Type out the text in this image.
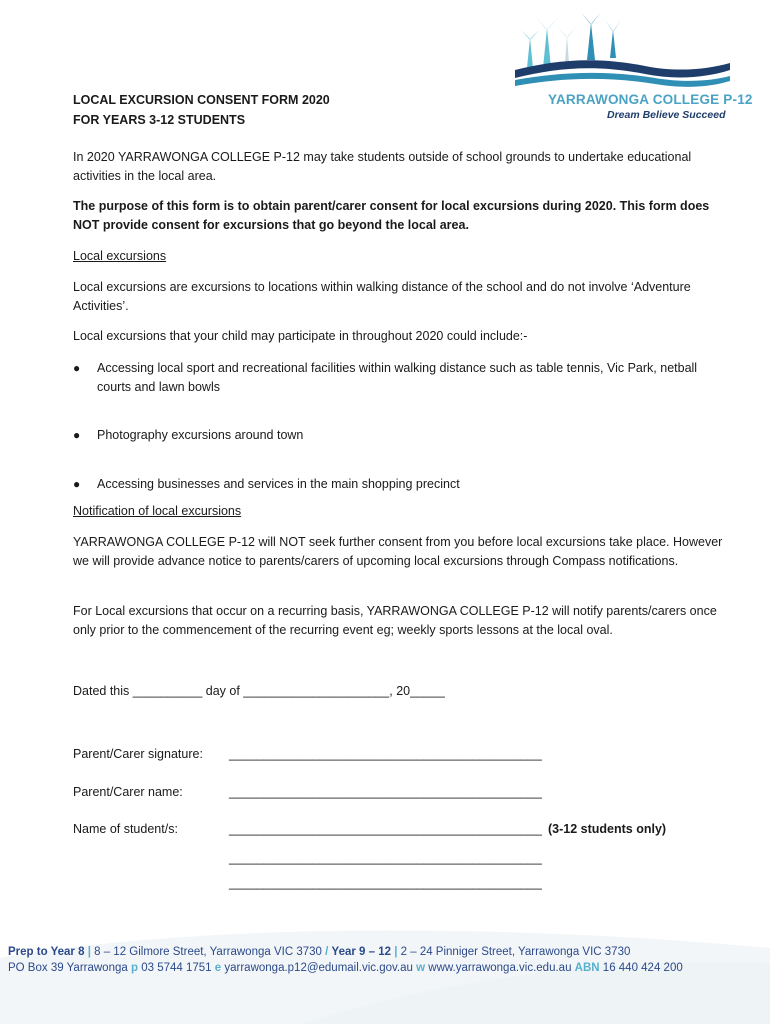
YARRAWONGA COLLEGE P-12
Dream Believe Succeed
LOCAL EXCURSION CONSENT FORM 2020
FOR YEARS 3-12 STUDENTS
In 2020 YARRAWONGA COLLEGE P-12 may take students outside of school grounds to undertake educational activities in the local area.
The purpose of this form is to obtain parent/carer consent for local excursions during 2020. This form does NOT provide consent for excursions that go beyond the local area.
Local excursions
Local excursions are excursions to locations within walking distance of the school and do not involve ‘Adventure Activities’.
Local excursions that your child may participate in throughout 2020 could include:-
● Accessing local sport and recreational facilities within walking distance such as table tennis, Vic Park, netball courts and lawn bowls
● Photography excursions around town
● Accessing businesses and services in the main shopping precinct
Notification of local excursions
YARRAWONGA COLLEGE P-12 will NOT seek further consent from you before local excursions take place. However we will provide advance notice to parents/carers of upcoming local excursions through Compass notifications.
For Local excursions that occur on a recurring basis, YARRAWONGA COLLEGE P-12 will notify parents/carers once only prior to the commencement of the recurring event eg; weekly sports lessons at the local oval.
Dated this __________ day of _____________________, 20_____
Parent/Carer signature: _____________________________________________
Parent/Carer name:	_____________________________________________
Name of student/s:	_____________________________________________ (3-12 students only)
_____________________________________________
_____________________________________________
Prep to Year 8 | 8 – 12 Gilmore Street, Yarrawonga VIC 3730 / Year 9 – 12 | 2 – 24 Pinniger Street, Yarrawonga VIC 3730
PO Box 39 Yarrawonga p 03 5744 1751 e yarrawonga.p12@edumail.vic.gov.au w www.yarrawonga.vic.edu.au ABN 16 440 424 200
